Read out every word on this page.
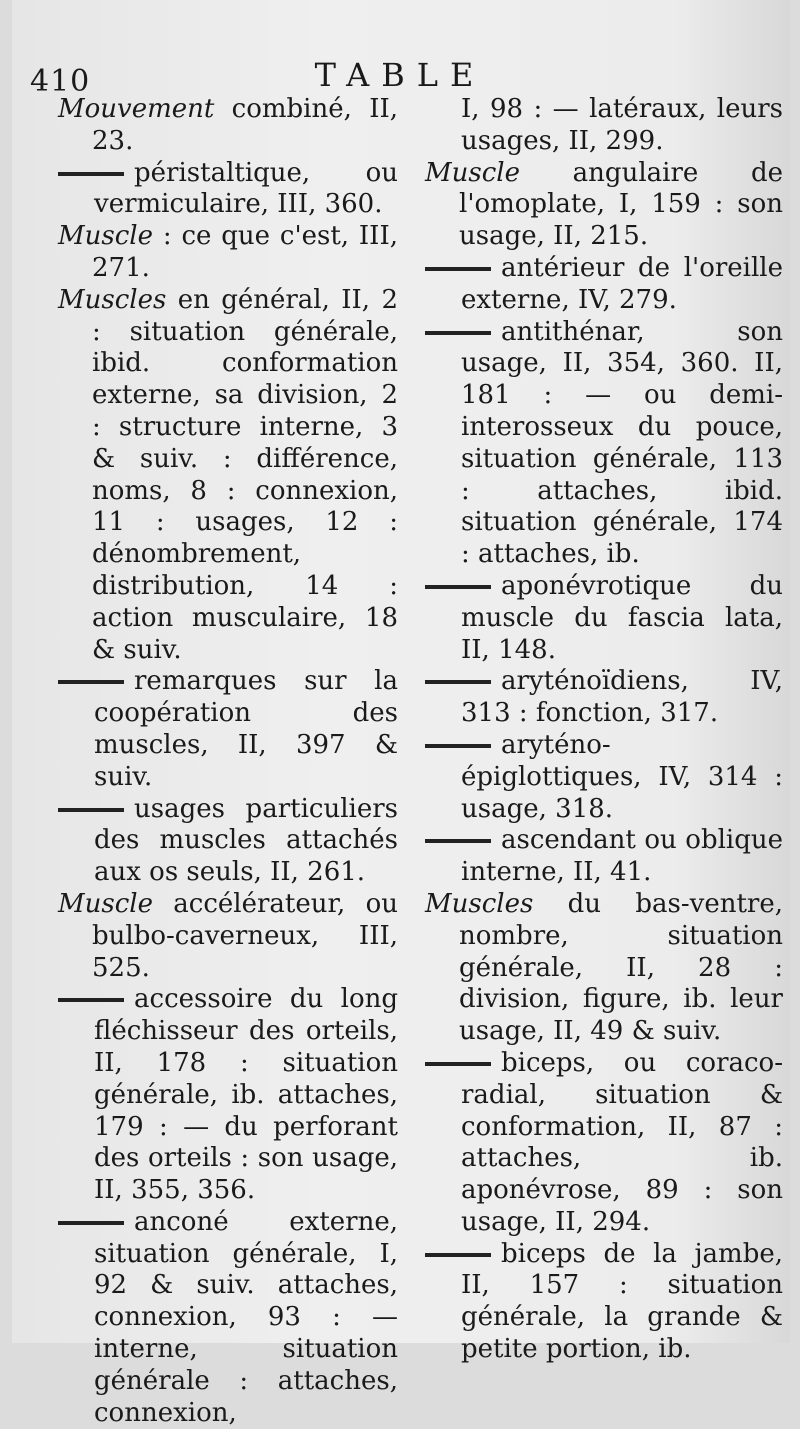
410	TABLE
Mouvement combiné, II, 23.
péristaltique, ou vermiculaire, III, 360.
Muscle : ce que c'est, III, 271.
Muscles en général, II, 2 : situation générale, ibid. conformation externe, sa division, 2 : structure interne, 3 & suiv. : différence, noms, 8 : connexion, 11 : usages, 12 : dénombrement, distribution, 14 : action musculaire, 18 & suiv.
remarques sur la coopération des muscles, II, 397 & suiv.
usages particuliers des muscles attachés aux os seuls, II, 261.
Muscle accélérateur, ou bulbo-caverneux, III, 525.
accessoire du long fléchisseur des orteils, II, 178 : situation générale, ib. attaches, 179 : — du perforant des orteils : son usage, II, 355, 356.
anconé externe, situation générale, I, 92 & suiv. attaches, connexion, 93 : — interne, situation générale : attaches, connexion,
I, 98 : — latéraux, leurs usages, II, 299.
Muscle angulaire de l'omoplate, I, 159 : son usage, II, 215.
antérieur de l'oreille externe, IV, 279.
antithénar, son usage, II, 354, 360. II, 181 : — ou demi-interosseux du pouce, situation générale, 113 : attaches, ibid. situation générale, 174 : attaches, ib.
aponévrotique du muscle du fascia lata, II, 148.
aryténoïdiens, IV, 313 : fonction, 317.
aryténo-épiglottiques, IV, 314 : usage, 318.
ascendant ou oblique interne, II, 41.
Muscles du bas-ventre, nombre, situation générale, II, 28 : division, figure, ib. leur usage, II, 49 & suiv.
biceps, ou coraco-radial, situation & conformation, II, 87 : attaches, ib. aponévrose, 89 : son usage, II, 294.
biceps de la jambe, II, 157 : situation générale, la grande & petite portion, ib.
